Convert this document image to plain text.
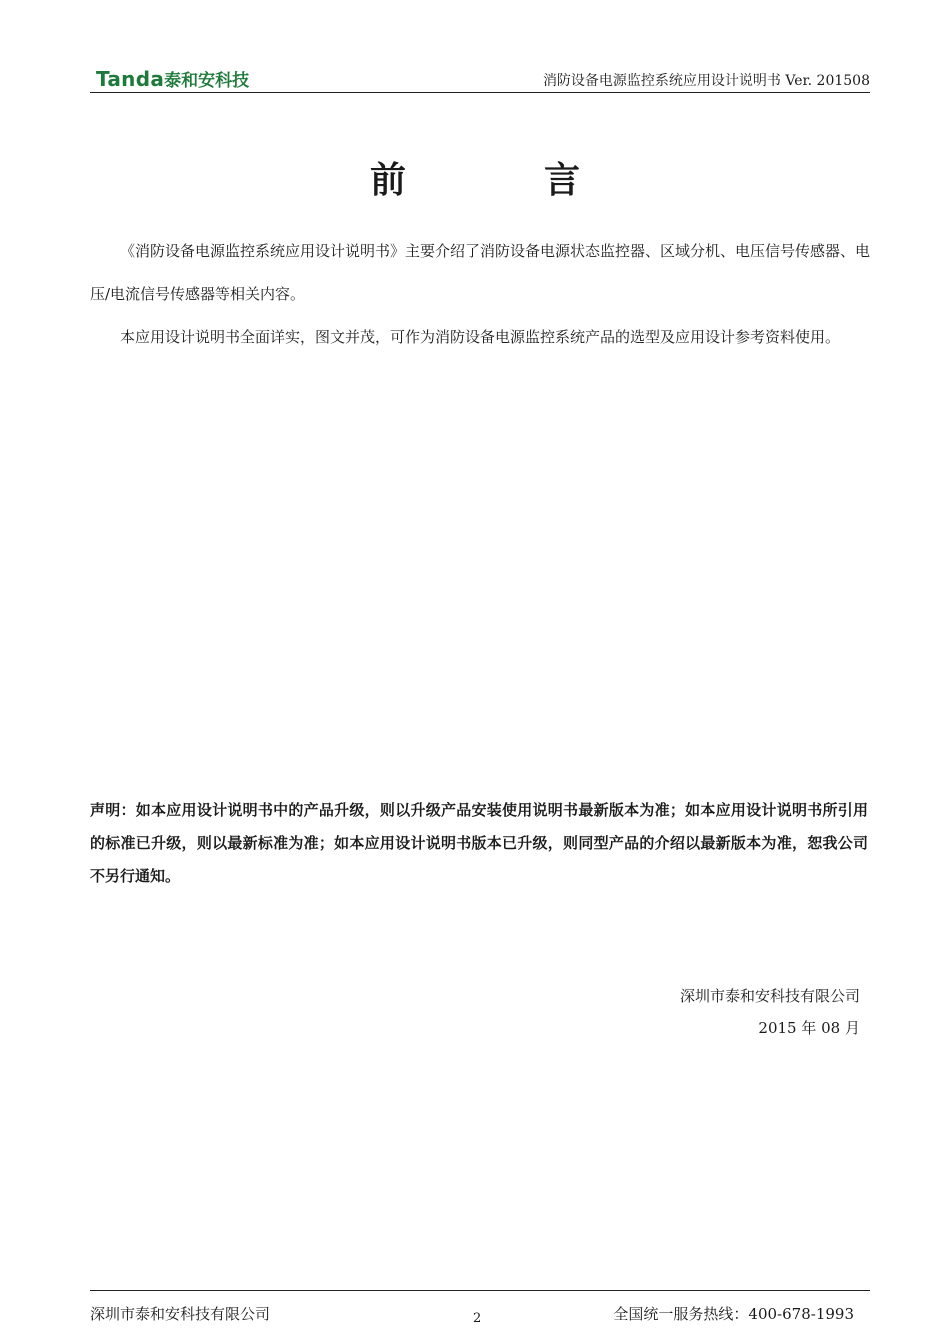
Tanda泰和安科技	消防设备电源监控系统应用设计说明书 Ver. 201508
前	言

《消防设备电源监控系统应用设计说明书》主要介绍了消防设备电源状态监控器、区域分机、电压信号传感器、电压/电流信号传感器等相关内容。

本应用设计说明书全面详实，图文并茂，可作为消防设备电源监控系统产品的选型及应用设计参考资料使用。

声明：如本应用设计说明书中的产品升级，则以升级产品安装使用说明书最新版本为准；如本应用设计说明书所引用的标准已升级，则以最新标准为准；如本应用设计说明书版本已升级，则同型产品的介绍以最新版本为准，恕我公司不另行通知。
深圳市泰和安科技有限公司
2015 年 08 月
深圳市泰和安科技有限公司	2	全国统一服务热线：400-678-1993
